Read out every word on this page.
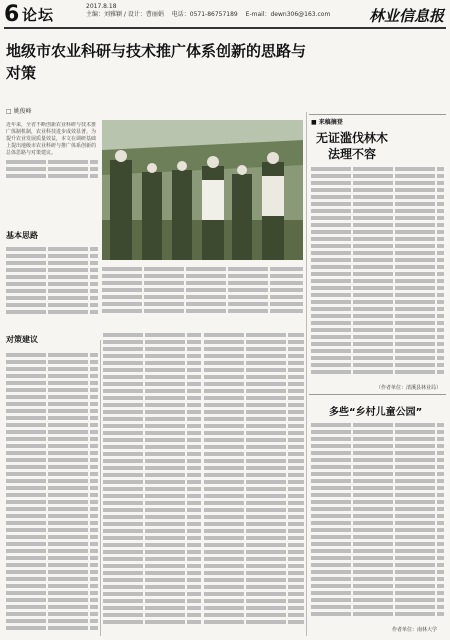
6 论坛	2017.8.18
主编：刘雅颖 / 设计：曹丽娟 电话：0571-86757189 E-mail：dewn306@163.com	林业信息报
地级市农业科研与技术推广体系创新的思路与对策
□ 姚俊峰
近年来，全省不断创新农业科研与技术推广体制机制，农业科技进步成效显著。为提升农业发展质量效益，本文在调研基础上提出地级市农业科研与推广体系创新的总体思路与对策建议。
基本思路
对策建议
■ 来稿摘登
无证滥伐林木
法理不容
（作者单位：清溪县林业局）
多些“乡村儿童公园”
作者单位：南林大学
